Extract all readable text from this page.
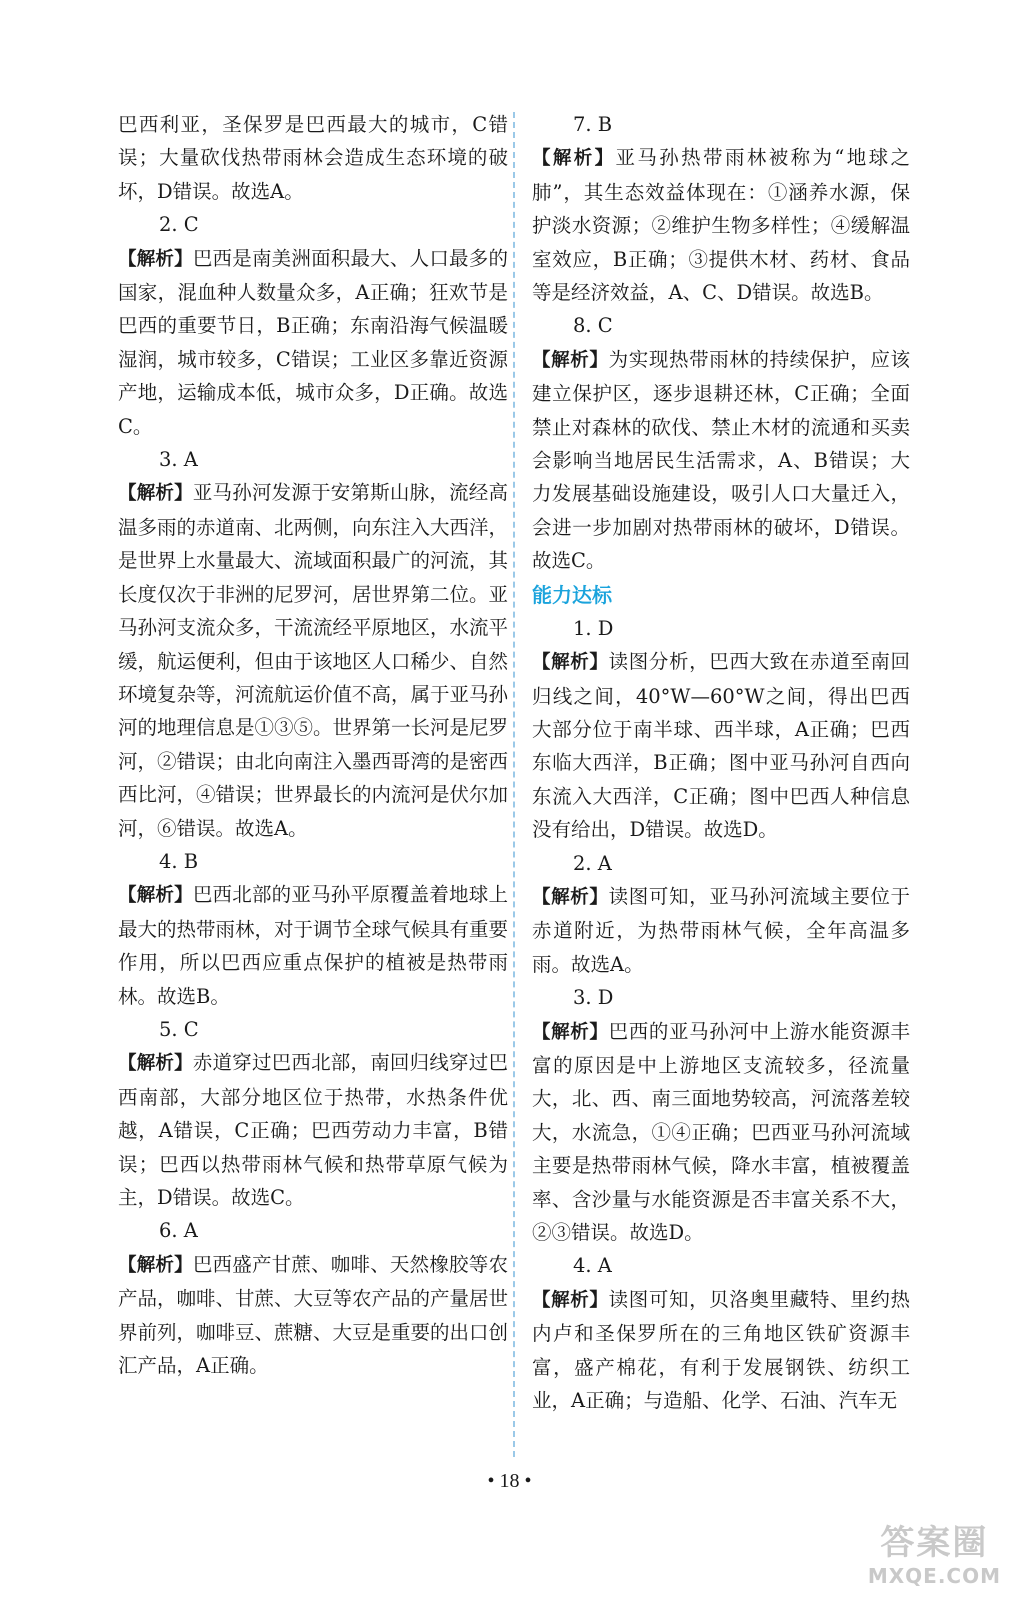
巴西利亚，圣保罗是巴西最大的城市，C错误；大量砍伐热带雨林会造成生态环境的破坏，D错误。故选A。

2. C

【解析】巴西是南美洲面积最大、人口最多的国家，混血种人数量众多，A正确；狂欢节是巴西的重要节日，B正确；东南沿海气候温暖湿润，城市较多，C错误；工业区多靠近资源产地，运输成本低，城市众多，D正确。故选C。

3. A

【解析】亚马孙河发源于安第斯山脉，流经高温多雨的赤道南、北两侧，向东注入大西洋，是世界上水量最大、流域面积最广的河流，其长度仅次于非洲的尼罗河，居世界第二位。亚马孙河支流众多，干流流经平原地区，水流平缓，航运便利，但由于该地区人口稀少、自然环境复杂等，河流航运价值不高，属于亚马孙河的地理信息是①③⑤。世界第一长河是尼罗河，②错误；由北向南注入墨西哥湾的是密西西比河，④错误；世界最长的内流河是伏尔加河，⑥错误。故选A。

4. B

【解析】巴西北部的亚马孙平原覆盖着地球上最大的热带雨林，对于调节全球气候具有重要作用，所以巴西应重点保护的植被是热带雨林。故选B。

5. C

【解析】赤道穿过巴西北部，南回归线穿过巴西南部，大部分地区位于热带，水热条件优越，A错误，C正确；巴西劳动力丰富，B错误；巴西以热带雨林气候和热带草原气候为主，D错误。故选C。

6. A

【解析】巴西盛产甘蔗、咖啡、天然橡胶等农产品，咖啡、甘蔗、大豆等农产品的产量居世界前列，咖啡豆、蔗糖、大豆是重要的出口创汇产品，A正确。

7. B

【解析】亚马孙热带雨林被称为“地球之肺”，其生态效益体现在：①涵养水源，保护淡水资源；②维护生物多样性；④缓解温室效应，B正确；③提供木材、药材、食品等是经济效益，A、C、D错误。故选B。

8. C

【解析】为实现热带雨林的持续保护，应该建立保护区，逐步退耕还林，C正确；全面禁止对森林的砍伐、禁止木材的流通和买卖会影响当地居民生活需求，A、B错误；大力发展基础设施建设，吸引人口大量迁入，会进一步加剧对热带雨林的破坏，D错误。故选C。

能力达标

1. D

【解析】读图分析，巴西大致在赤道至南回归线之间，40°W—60°W之间，得出巴西大部分位于南半球、西半球，A正确；巴西东临大西洋，B正确；图中亚马孙河自西向东流入大西洋，C正确；图中巴西人种信息没有给出，D错误。故选D。

2. A

【解析】读图可知，亚马孙河流域主要位于赤道附近，为热带雨林气候，全年高温多雨。故选A。

3. D

【解析】巴西的亚马孙河中上游水能资源丰富的原因是中上游地区支流较多，径流量大，北、西、南三面地势较高，河流落差较大，水流急，①④正确；巴西亚马孙河流域主要是热带雨林气候，降水丰富，植被覆盖率、含沙量与水能资源是否丰富关系不大，②③错误。故选D。

4. A

【解析】读图可知，贝洛奥里藏特、里约热内卢和圣保罗所在的三角地区铁矿资源丰富，盛产棉花，有利于发展钢铁、纺织工业，A正确；与造船、化学、石油、汽车无

• 18 •
答案圈
MXQE.COM
